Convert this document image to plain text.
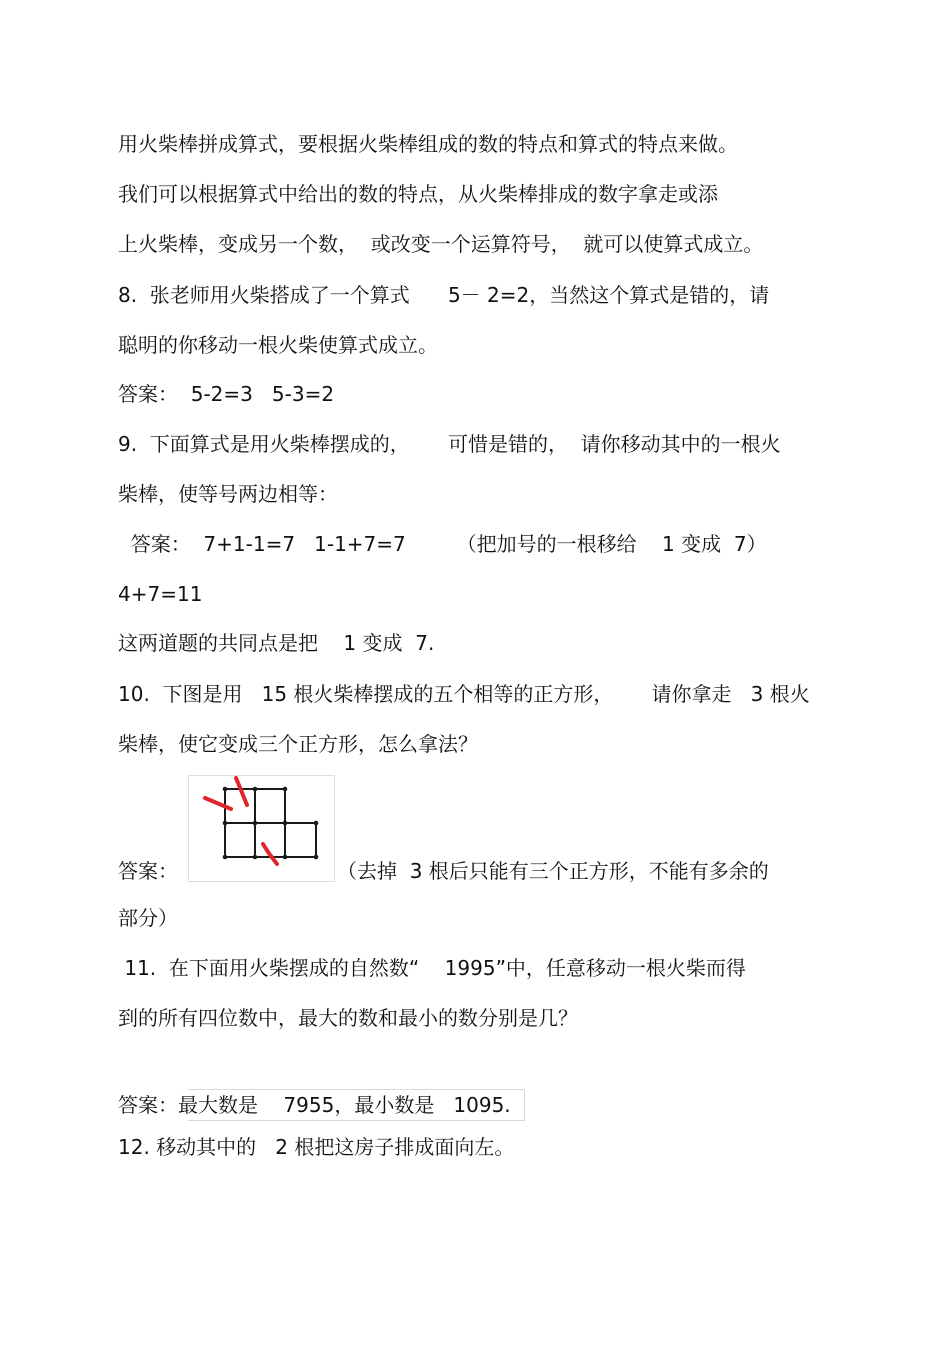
用火柴棒拼成算式，要根据火柴棒组成的数的特点和算式的特点来做。
我们可以根据算式中给出的数的特点，从火柴棒排成的数字拿走或添
上火柴棒，变成另一个数，  或改变一个运算符号，  就可以使算式成立。
8.  张老师用火柴搭成了一个算式      5－ 2=2，当然这个算式是错的，请
聪明的你移动一根火柴使算式成立。
答案：  5-2=3   5-3=2
9.  下面算式是用火柴棒摆成的，      可惜是错的，  请你移动其中的一根火
柴棒，使等号两边相等：
答案：  7+1-1=7   1-1+7=7        （把加号的一根移给    1 变成  7）
4+7=11
这两道题的共同点是把    1 变成  7.
10.  下图是用   15 根火柴棒摆成的五个相等的正方形，      请你拿走   3 根火
柴棒，使它变成三个正方形，怎么拿法？
答案：	（去掉  3 根后只能有三个正方形，不能有多余的
部分）
11.  在下面用火柴摆成的自然数“    1995”中，任意移动一根火柴而得
到的所有四位数中，最大的数和最小的数分别是几？
答案：最大数是    7955，最小数是   1095.
12. 移动其中的   2 根把这房子排成面向左。
